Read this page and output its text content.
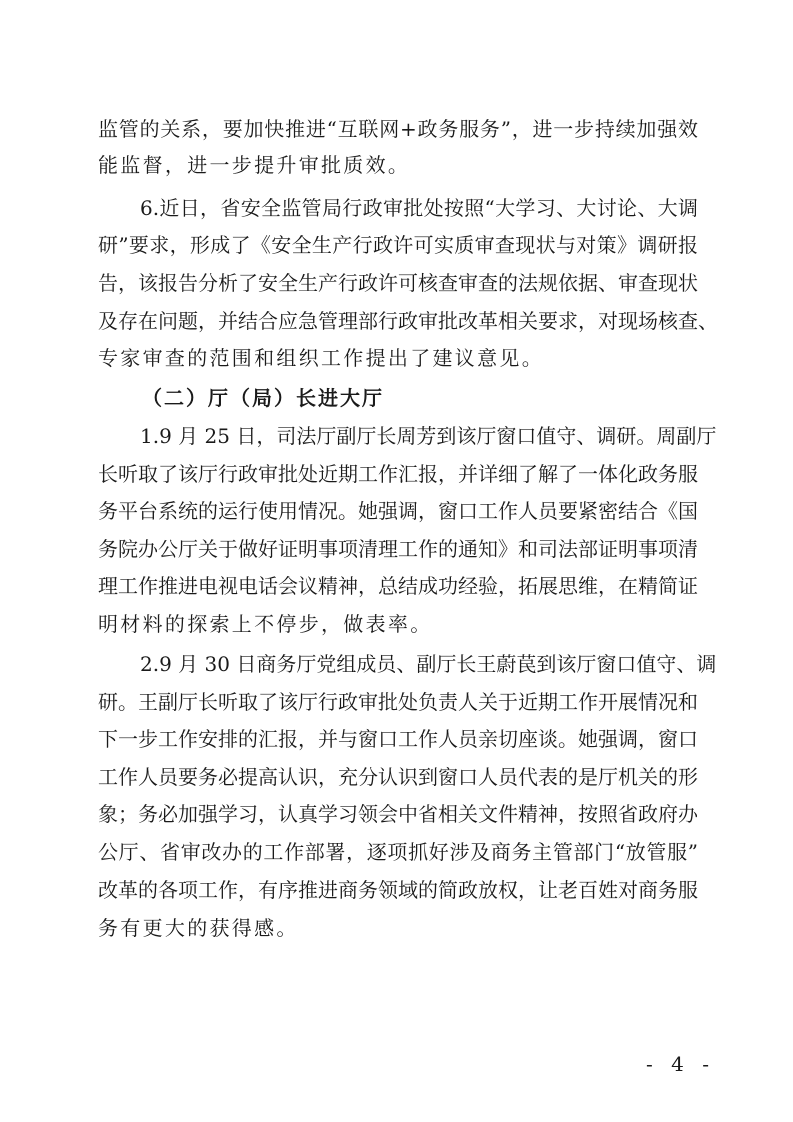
监管的关系，要加快推进“互联网+政务服务”，进一步持续加强效
能监督，进一步提升审批质效。
6.近日，省安全监管局行政审批处按照“大学习、大讨论、大调
研”要求，形成了《安全生产行政许可实质审查现状与对策》调研报
告，该报告分析了安全生产行政许可核查审查的法规依据、审查现状
及存在问题，并结合应急管理部行政审批改革相关要求，对现场核查、
专家审查的范围和组织工作提出了建议意见。
（二）厅（局）长进大厅
1.9 月 25 日，司法厅副厅长周芳到该厅窗口值守、调研。周副厅
长听取了该厅行政审批处近期工作汇报，并详细了解了一体化政务服
务平台系统的运行使用情况。她强调，窗口工作人员要紧密结合《国
务院办公厅关于做好证明事项清理工作的通知》和司法部证明事项清
理工作推进电视电话会议精神，总结成功经验，拓展思维，在精简证
明材料的探索上不停步，做表率。
2.9 月 30 日商务厅党组成员、副厅长王蔚苠到该厅窗口值守、调
研。王副厅长听取了该厅行政审批处负责人关于近期工作开展情况和
下一步工作安排的汇报，并与窗口工作人员亲切座谈。她强调，窗口
工作人员要务必提高认识，充分认识到窗口人员代表的是厅机关的形
象；务必加强学习，认真学习领会中省相关文件精神，按照省政府办
公厅、省审改办的工作部署，逐项抓好涉及商务主管部门“放管服”
改革的各项工作，有序推进商务领域的简政放权，让老百姓对商务服
务有更大的获得感。
- 4 -
